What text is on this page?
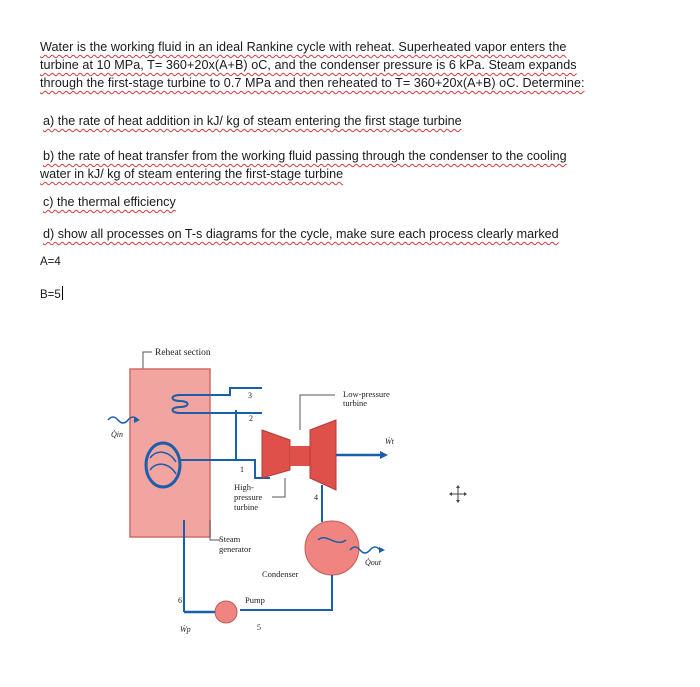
Water is the working fluid in an ideal Rankine cycle with reheat. Superheated vapor enters the

turbine at 10 MPa, T= 360+20x(A+B) oC, and the condenser pressure is 6 kPa. Steam expands

through the first-stage turbine to 0.7 MPa and then reheated to T= 360+20x(A+B) oC. Determine:

a) the rate of heat addition in kJ/ kg of steam entering the first stage turbine
b) the rate of heat transfer from the working fluid passing through the condenser to the cooling
water in kJ/ kg of steam entering the first-stage turbine
c) the thermal efficiency
d) show all processes on T-s diagrams for the cycle, make sure each process clearly marked
A=4
B=5
Reheat section
Q̇in
1
2
3
Ẇt
Low-pressure
turbine
High-
pressure
turbine
4
Condenser
Q̇out
5
Pump
6
Ẇp
Steam
generator
